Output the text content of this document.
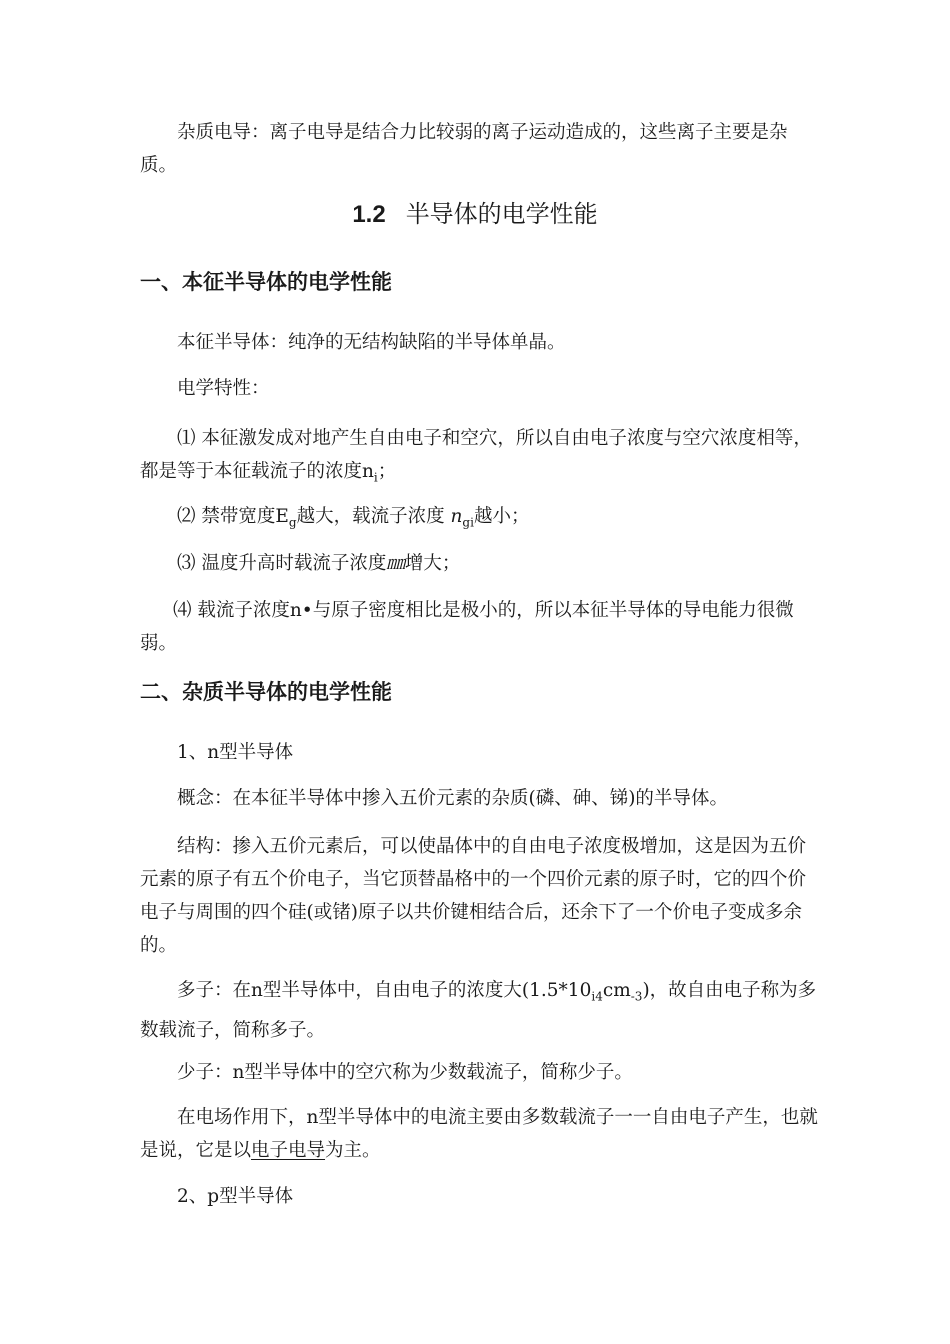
杂质电导：离子电导是结合力比较弱的离子运动造成的，这些离子主要是杂质。

1.2 半导体的电学性能
一、本征半导体的电学性能

本征半导体：纯净的无结构缺陷的半导体单晶。

电学特性：

⑴ 本征激发成对地产生自由电子和空穴，所以自由电子浓度与空穴浓度相等，都是等于本征载流子的浓度$n_i$；

⑵ 禁带宽度$E_g$越大，载流子浓度 $n_{gi}$越小；

⑶ 温度升高时载流子浓度㎜增大；

⑷ 载流子浓度n•与原子密度相比是极小的，所以本征半导体的导电能力很微弱。

二、杂质半导体的电学性能

1、n型半导体

概念：在本征半导体中掺入五价元素的杂质(磷、砷、锑)的半导体。

结构：掺入五价元素后，可以使晶体中的自由电子浓度极增加，这是因为五价元素的原子有五个价电子，当它顶替晶格中的一个四价元素的原子时，它的四个价电子与周围的四个硅(或锗)原子以共价键相结合后，还余下了一个价电子变成多余的。

多子：在n型半导体中，自由电子的浓度大$(1.5*10_{i4}cm_{-3})$，故自由电子称为多数载流子，简称多子。

少子：n型半导体中的空穴称为少数载流子，简称少子。

在电场作用下，n型半导体中的电流主要由多数载流子一一自由电子产生，也就是说，它是以电子电导为主。

2、p型半导体
